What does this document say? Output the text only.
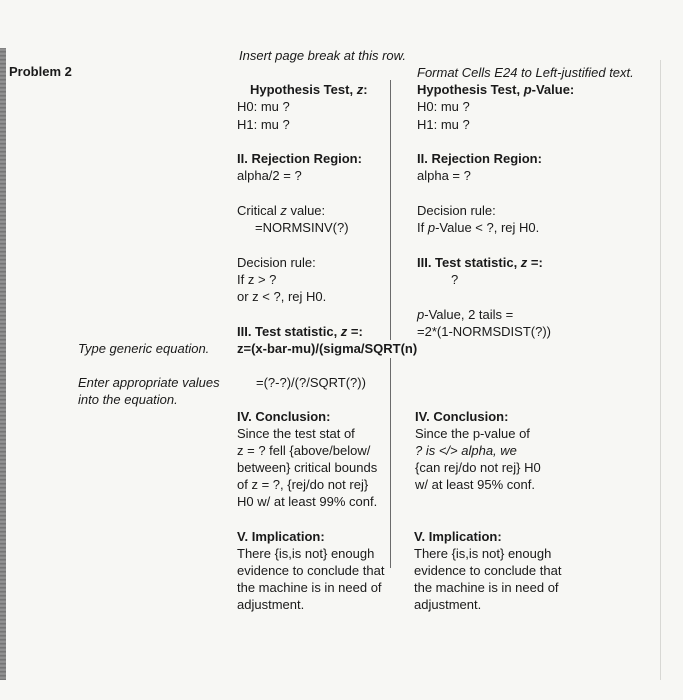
Problem 2
Insert page break at this row.
Format Cells E24 to Left-justified text.
Hypothesis Test, z:
H0: mu ?
H1: mu ?
II. Rejection Region:
alpha/2 = ?
Critical z value:
=NORMSINV(?)
Decision rule:
If z > ?
or z < ?, rej H0.
III. Test statistic, z =:
z=(x-bar-mu)/(sigma/SQRT(n)
Type generic equation.
Enter appropriate values
into the equation.
=(?-?)/(?/SQRT(?))
IV. Conclusion:
Since the test stat of
z = ? fell {above/below/
between} critical bounds
of z = ?, {rej/do not rej}
H0 w/ at least 99% conf.
V. Implication:
There {is,is not} enough
evidence to conclude that
the machine is in need of
adjustment.
Hypothesis Test, p-Value:
H0: mu ?
H1: mu ?
II. Rejection Region:
alpha = ?
Decision rule:
If p-Value < ?, rej H0.
III. Test statistic, z =:
?
p-Value, 2 tails =
=2*(1-NORMSDIST(?))
IV. Conclusion:
Since the p-value of
? is </> alpha, we
{can rej/do not rej} H0
w/ at least 95% conf.
V. Implication:
There {is,is not} enough
evidence to conclude that
the machine is in need of
adjustment.
